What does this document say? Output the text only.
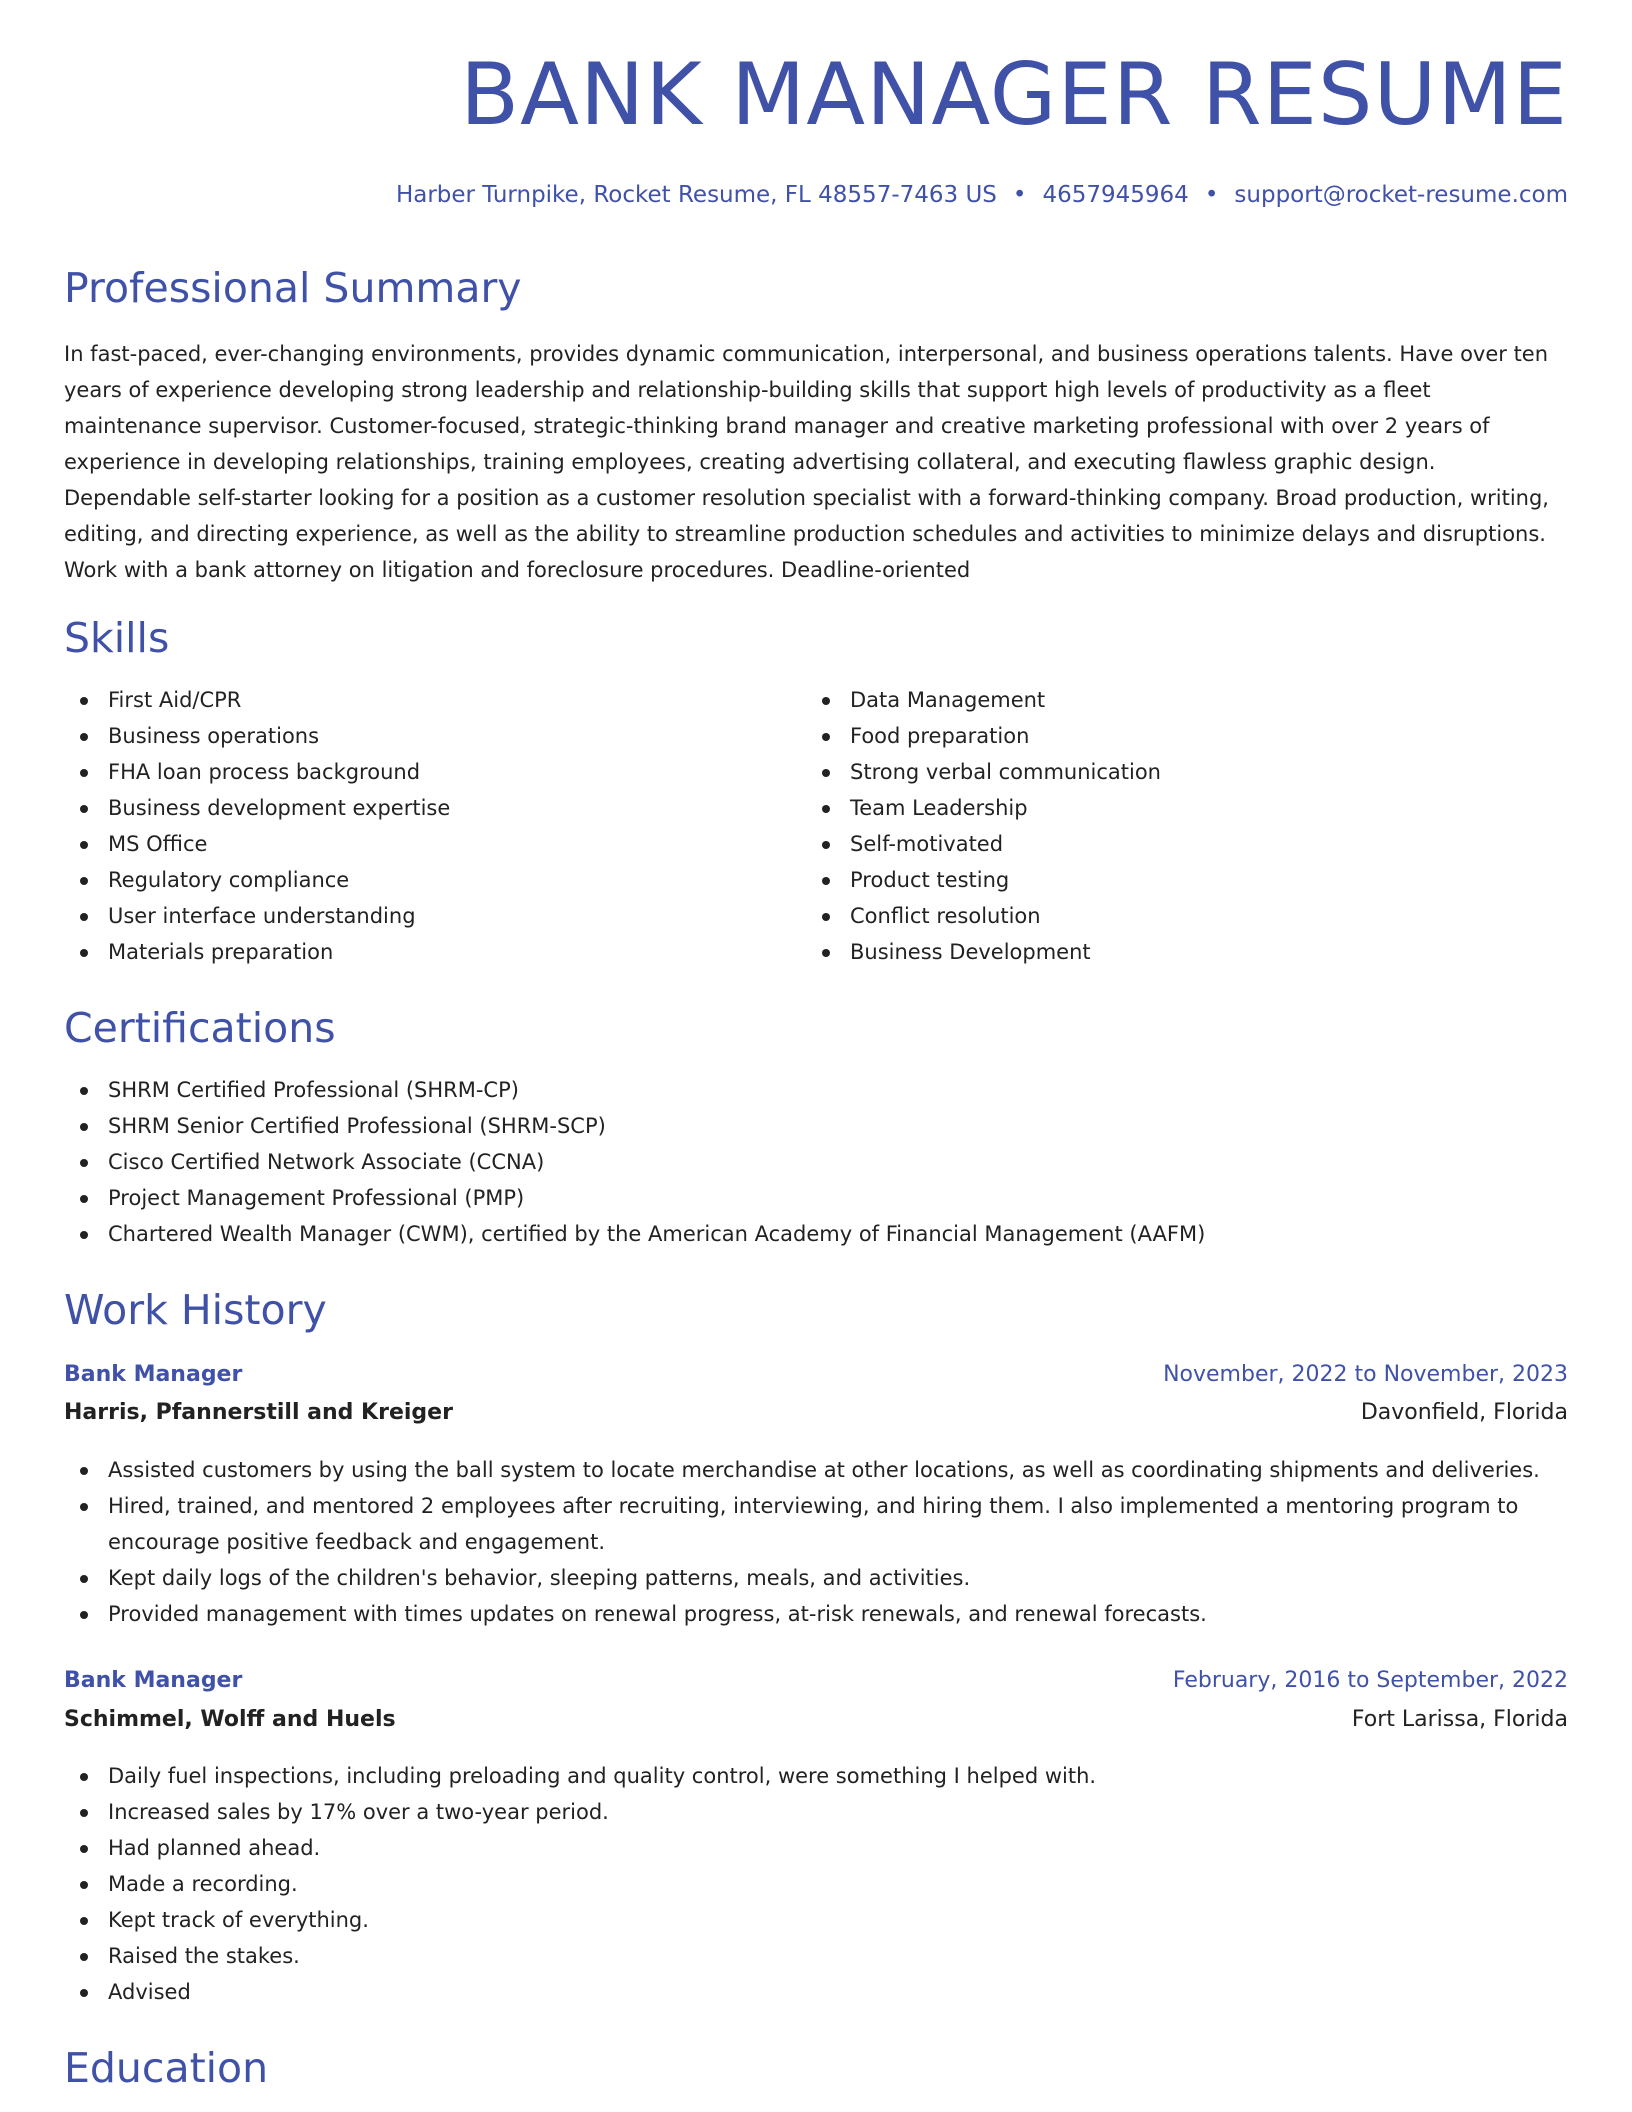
BANK MANAGER RESUME
Harber Turnpike, Rocket Resume, FL 48557-7463 US • 4657945964 • support@rocket-resume.com
Professional Summary

In fast-paced, ever-changing environments, provides dynamic communication, interpersonal, and business operations talents. Have over ten years of experience developing strong leadership and relationship-building skills that support high levels of productivity as a fleet maintenance supervisor. Customer-focused, strategic-thinking brand manager and creative marketing professional with over 2 years of experience in developing relationships, training employees, creating advertising collateral, and executing flawless graphic design. Dependable self-starter looking for a position as a customer resolution specialist with a forward-thinking company. Broad production, writing, editing, and directing experience, as well as the ability to streamline production schedules and activities to minimize delays and disruptions. Work with a bank attorney on litigation and foreclosure procedures. Deadline-oriented

Skills
First Aid/CPR
Business operations
FHA loan process background
Business development expertise
MS Office
Regulatory compliance
User interface understanding
Materials preparation
Data Management
Food preparation
Strong verbal communication
Team Leadership
Self-motivated
Product testing
Conflict resolution
Business Development
Certifications
SHRM Certified Professional (SHRM-CP)
SHRM Senior Certified Professional (SHRM-SCP)
Cisco Certified Network Associate (CCNA)
Project Management Professional (PMP)
Chartered Wealth Manager (CWM), certified by the American Academy of Financial Management (AAFM)
Work History
Bank Manager	November, 2022 to November, 2023
Harris, Pfannerstill and Kreiger	Davonfield, Florida
Assisted customers by using the ball system to locate merchandise at other locations, as well as coordinating shipments and deliveries.
Hired, trained, and mentored 2 employees after recruiting, interviewing, and hiring them. I also implemented a mentoring program to encourage positive feedback and engagement.
Kept daily logs of the children's behavior, sleeping patterns, meals, and activities.
Provided management with times updates on renewal progress, at-risk renewals, and renewal forecasts.
Bank Manager	February, 2016 to September, 2022
Schimmel, Wolff and Huels	Fort Larissa, Florida
Daily fuel inspections, including preloading and quality control, were something I helped with.
Increased sales by 17% over a two-year period.
Had planned ahead.
Made a recording.
Kept track of everything.
Raised the stakes.
Advised
Education
